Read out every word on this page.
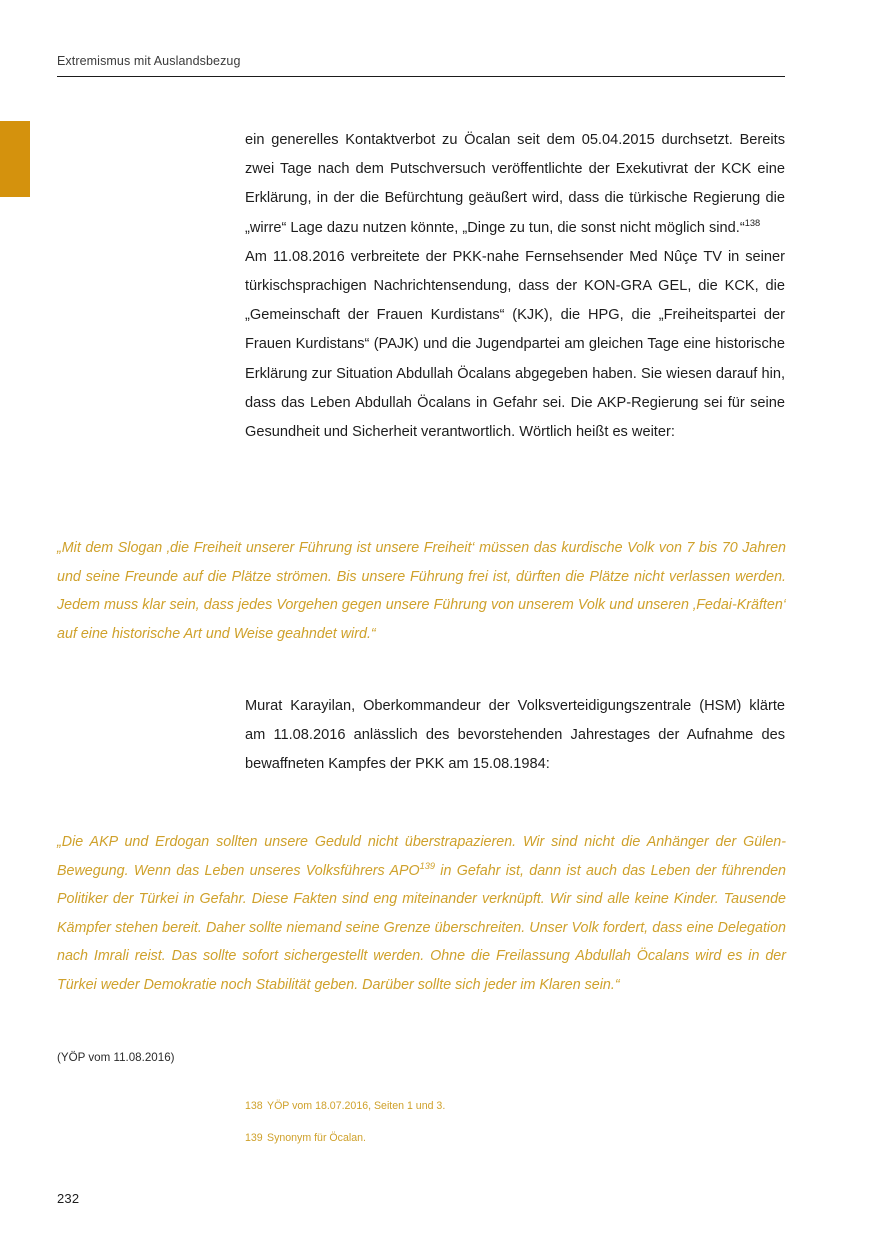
Extremismus mit Auslandsbezug

ein generelles Kontaktverbot zu Öcalan seit dem 05.04.2015 durchsetzt. Bereits zwei Tage nach dem Putschversuch veröffentlichte der Exekutivrat der KCK eine Erklärung, in der die Befürchtung geäußert wird, dass die türkische Regierung die „wirre“ Lage dazu nutzen könnte, „Dinge zu tun, die sonst nicht möglich sind.“$^{138}$

Am 11.08.2016 verbreitete der PKK-nahe Fernsehsender Med Nûçe TV in seiner türkischsprachigen Nachrichtensendung, dass der KON-GRA GEL, die KCK, die „Gemeinschaft der Frauen Kurdistans“ (KJK), die HPG, die „Freiheitspartei der Frauen Kurdistans“ (PAJK) und die Jugendpartei am gleichen Tage eine historische Erklärung zur Situation Abdullah Öcalans abgegeben haben. Sie wiesen darauf hin, dass das Leben Abdullah Öcalans in Gefahr sei. Die AKP-Regierung sei für seine Gesundheit und Sicherheit verantwortlich. Wörtlich heißt es weiter:

„Mit dem Slogan ‚die Freiheit unserer Führung ist unsere Freiheit‘ müssen das kurdische Volk von 7 bis 70 Jahren und seine Freunde auf die Plätze strömen. Bis unsere Führung frei ist, dürften die Plätze nicht verlassen werden. Jedem muss klar sein, dass jedes Vorgehen gegen unsere Führung von unserem Volk und unseren ‚Fedai-Kräften‘ auf eine historische Art und Weise geahndet wird.“

Murat Karayilan, Oberkommandeur der Volksverteidigungszentrale (HSM) klärte am 11.08.2016 anlässlich des bevorstehenden Jahrestages der Aufnahme des bewaffneten Kampfes der PKK am 15.08.1984:

„Die AKP und Erdogan sollten unsere Geduld nicht überstrapazieren. Wir sind nicht die Anhänger der Gülen-Bewegung. Wenn das Leben unseres Volksführers APO$^{139}$ in Gefahr ist, dann ist auch das Leben der führenden Politiker der Türkei in Gefahr. Diese Fakten sind eng miteinander verknüpft. Wir sind alle keine Kinder. Tausende Kämpfer stehen bereit. Daher sollte niemand seine Grenze überschreiten. Unser Volk fordert, dass eine Delegation nach Imrali reist. Das sollte sofort sichergestellt werden. Ohne die Freilassung Abdullah Öcalans wird es in der Türkei weder Demokratie noch Stabilität geben. Darüber sollte sich jeder im Klaren sein.“

(YÖP vom 11.08.2016)
138 YÖP vom 18.07.2016, Seiten 1 und 3.
139 Synonym für Öcalan.
232
